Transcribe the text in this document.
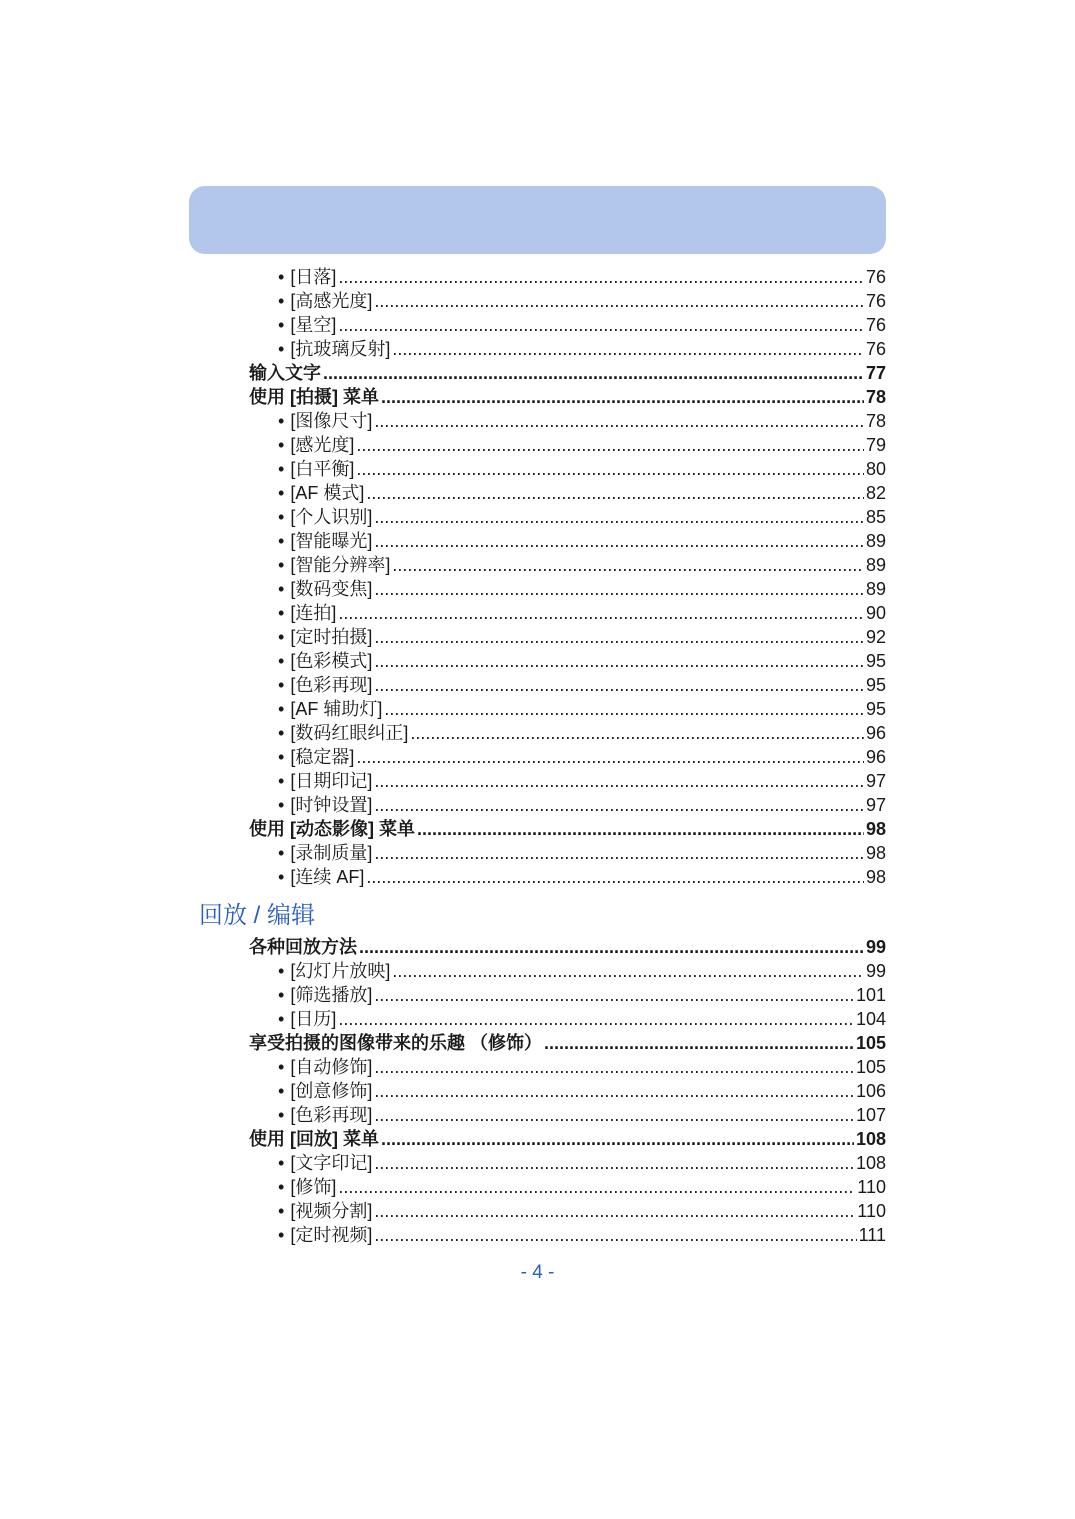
• [日落] .....	76
• [高感光度] .....	76
• [星空] .....	76
• [抗玻璃反射] .....	76
输入文字 .....	77
使用 [拍摄] 菜单 .....	78
• [图像尺寸] .....	78
• [感光度] .....	79
• [白平衡] .....	80
• [AF 模式] .....	82
• [个人识别] .....	85
• [智能曝光] .....	89
• [智能分辨率] .....	89
• [数码变焦] .....	89
• [连拍] .....	90
• [定时拍摄] .....	92
• [色彩模式] .....	95
• [色彩再现] .....	95
• [AF 辅助灯] .....	95
• [数码红眼纠正] .....	96
• [稳定器] .....	96
• [日期印记] .....	97
• [时钟设置] .....	97
使用 [动态影像] 菜单 .....	98
• [录制质量] .....	98
• [连续 AF] .....	98
回放 / 编辑
各种回放方法 .....	99
• [幻灯片放映] .....	99
• [筛选播放] .....	101
• [日历] .....	104
享受拍摄的图像带来的乐趣 （修饰） .....	105
• [自动修饰] .....	105
• [创意修饰] .....	106
• [色彩再现] .....	107
使用 [回放] 菜单 .....	108
• [文字印记] .....	108
• [修饰] .....	110
• [视频分割] .....	110
• [定时视频] .....	111
- 4 -
